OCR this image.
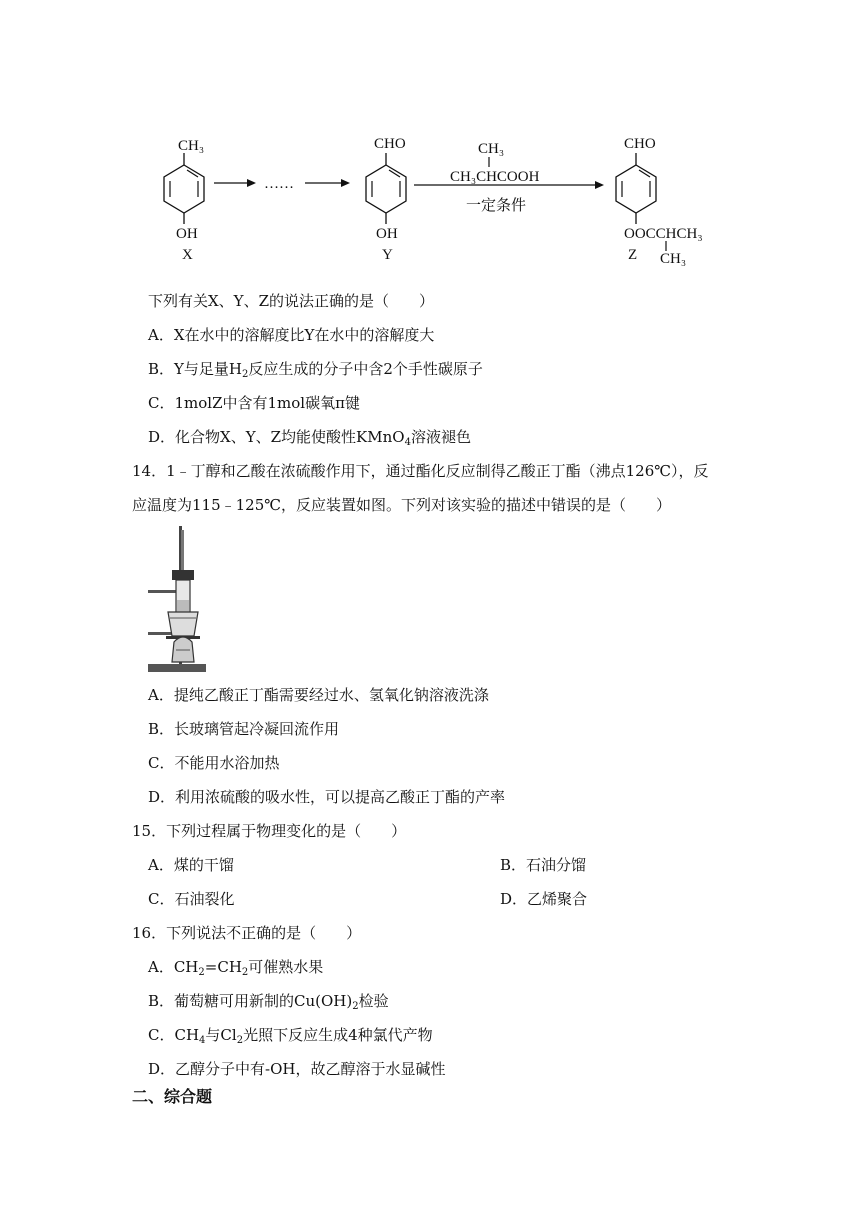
CH₃
OH
X
……
CHO
OH
Y
CH₃
CH₃CHCOOH
一定条件
CHO
OOCCHCH₃
CH₃
Z
下列有关X、Y、Z的说法正确的是（　　）
A．X在水中的溶解度比Y在水中的溶解度大
B．Y与足量$H_2$反应生成的分子中含2个手性碳原子
C．1molZ中含有1mol碳氧π键
D．化合物X、Y、Z均能使酸性KMnO$_4$溶液褪色
14．1﹣丁醇和乙酸在浓硫酸作用下，通过酯化反应制得乙酸正丁酯（沸点126℃），反
应温度为115﹣125℃，反应装置如图。下列对该实验的描述中错误的是（　　）
A．提纯乙酸正丁酯需要经过水、氢氧化钠溶液洗涤
B．长玻璃管起冷凝回流作用
C．不能用水浴加热
D．利用浓硫酸的吸水性，可以提高乙酸正丁酯的产率
15．下列过程属于物理变化的是（　　）
A．煤的干馏	B．石油分馏
C．石油裂化	D．乙烯聚合
16．下列说法不正确的是（　　）
A．$CH_2=CH_2$可催熟水果
B．葡萄糖可用新制的$Cu(OH)_2$检验
C．$CH_4$与$Cl_2$光照下反应生成4种氯代产物
D．乙醇分子中有-OH，故乙醇溶于水显碱性
二、综合题
